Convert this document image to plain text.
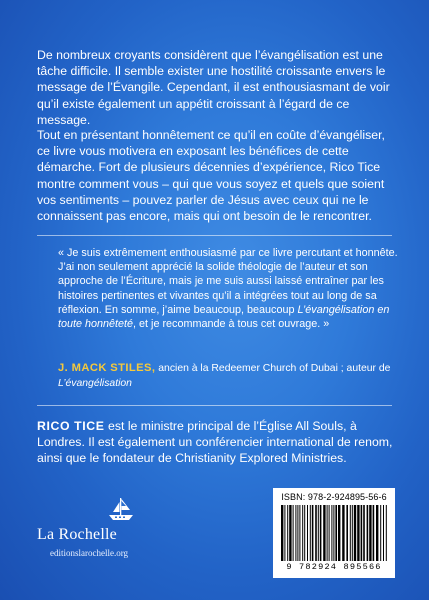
De nombreux croyants considèrent que l’évangélisation est une tâche difficile. Il semble exister une hostilité croissante envers le message de l’Évangile. Cependant, il est enthousiasmant de voir qu’il existe également un appétit croissant à l’égard de ce message.

Tout en présentant honnêtement ce qu’il en coûte d’évangéliser, ce livre vous motivera en exposant les bénéfices de cette démarche. Fort de plusieurs décennies d’expérience, Rico Tice montre comment vous – qui que vous soyez et quels que soient vos sentiments – pouvez parler de Jésus avec ceux qui ne le connaissent pas encore, mais qui ont besoin de le rencontrer.

« Je suis extrêmement enthousiasmé par ce livre percutant et honnête. J’ai non seulement apprécié la solide théologie de l’auteur et son approche de l’Écriture, mais je me suis aussi laissé entraîner par les histoires pertinentes et vivantes qu’il a intégrées tout au long de sa réflexion. En somme, j’aime beaucoup, beaucoup L’évangélisation en toute honnêteté, et je recommande à tous cet ouvrage. »

J. MACK STILES, ancien à la Redeemer Church of Dubai ; auteur de
L’évangélisation

RICO TICE est le ministre principal de l’Église All Souls, à Londres. Il est également un conférencier international de renom, ainsi que le fondateur de Christianity Explored Ministries.

La Rochelle
editionslarochelle.org
ISBN: 978-2-924895-56-6
9 782924 895566
